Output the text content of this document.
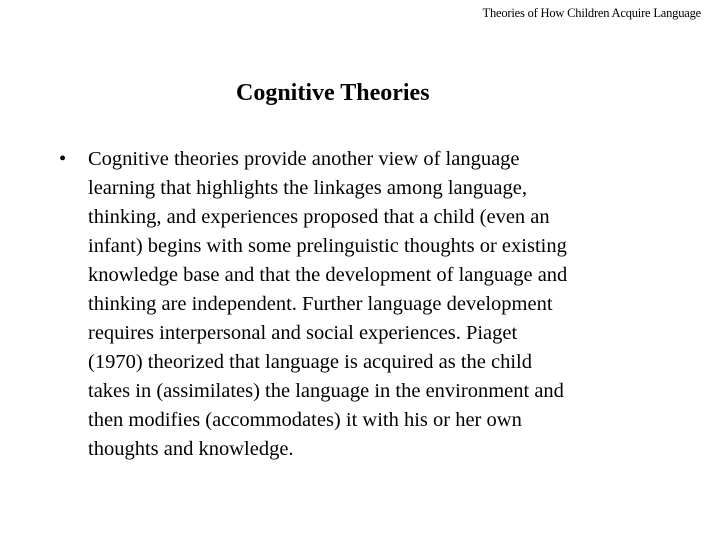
Theories of How Children Acquire Language
Cognitive Theories
•	Cognitive theories provide another view of language
learning that highlights the linkages among language,
thinking, and experiences proposed that a child (even an
infant) begins with some prelinguistic thoughts or existing
knowledge base and that the development of language and
thinking are independent. Further language development
requires interpersonal and social experiences. Piaget
(1970) theorized that language is acquired as the child
takes in (assimilates) the language in the environment and
then modifies (accommodates) it with his or her own
thoughts and knowledge.
